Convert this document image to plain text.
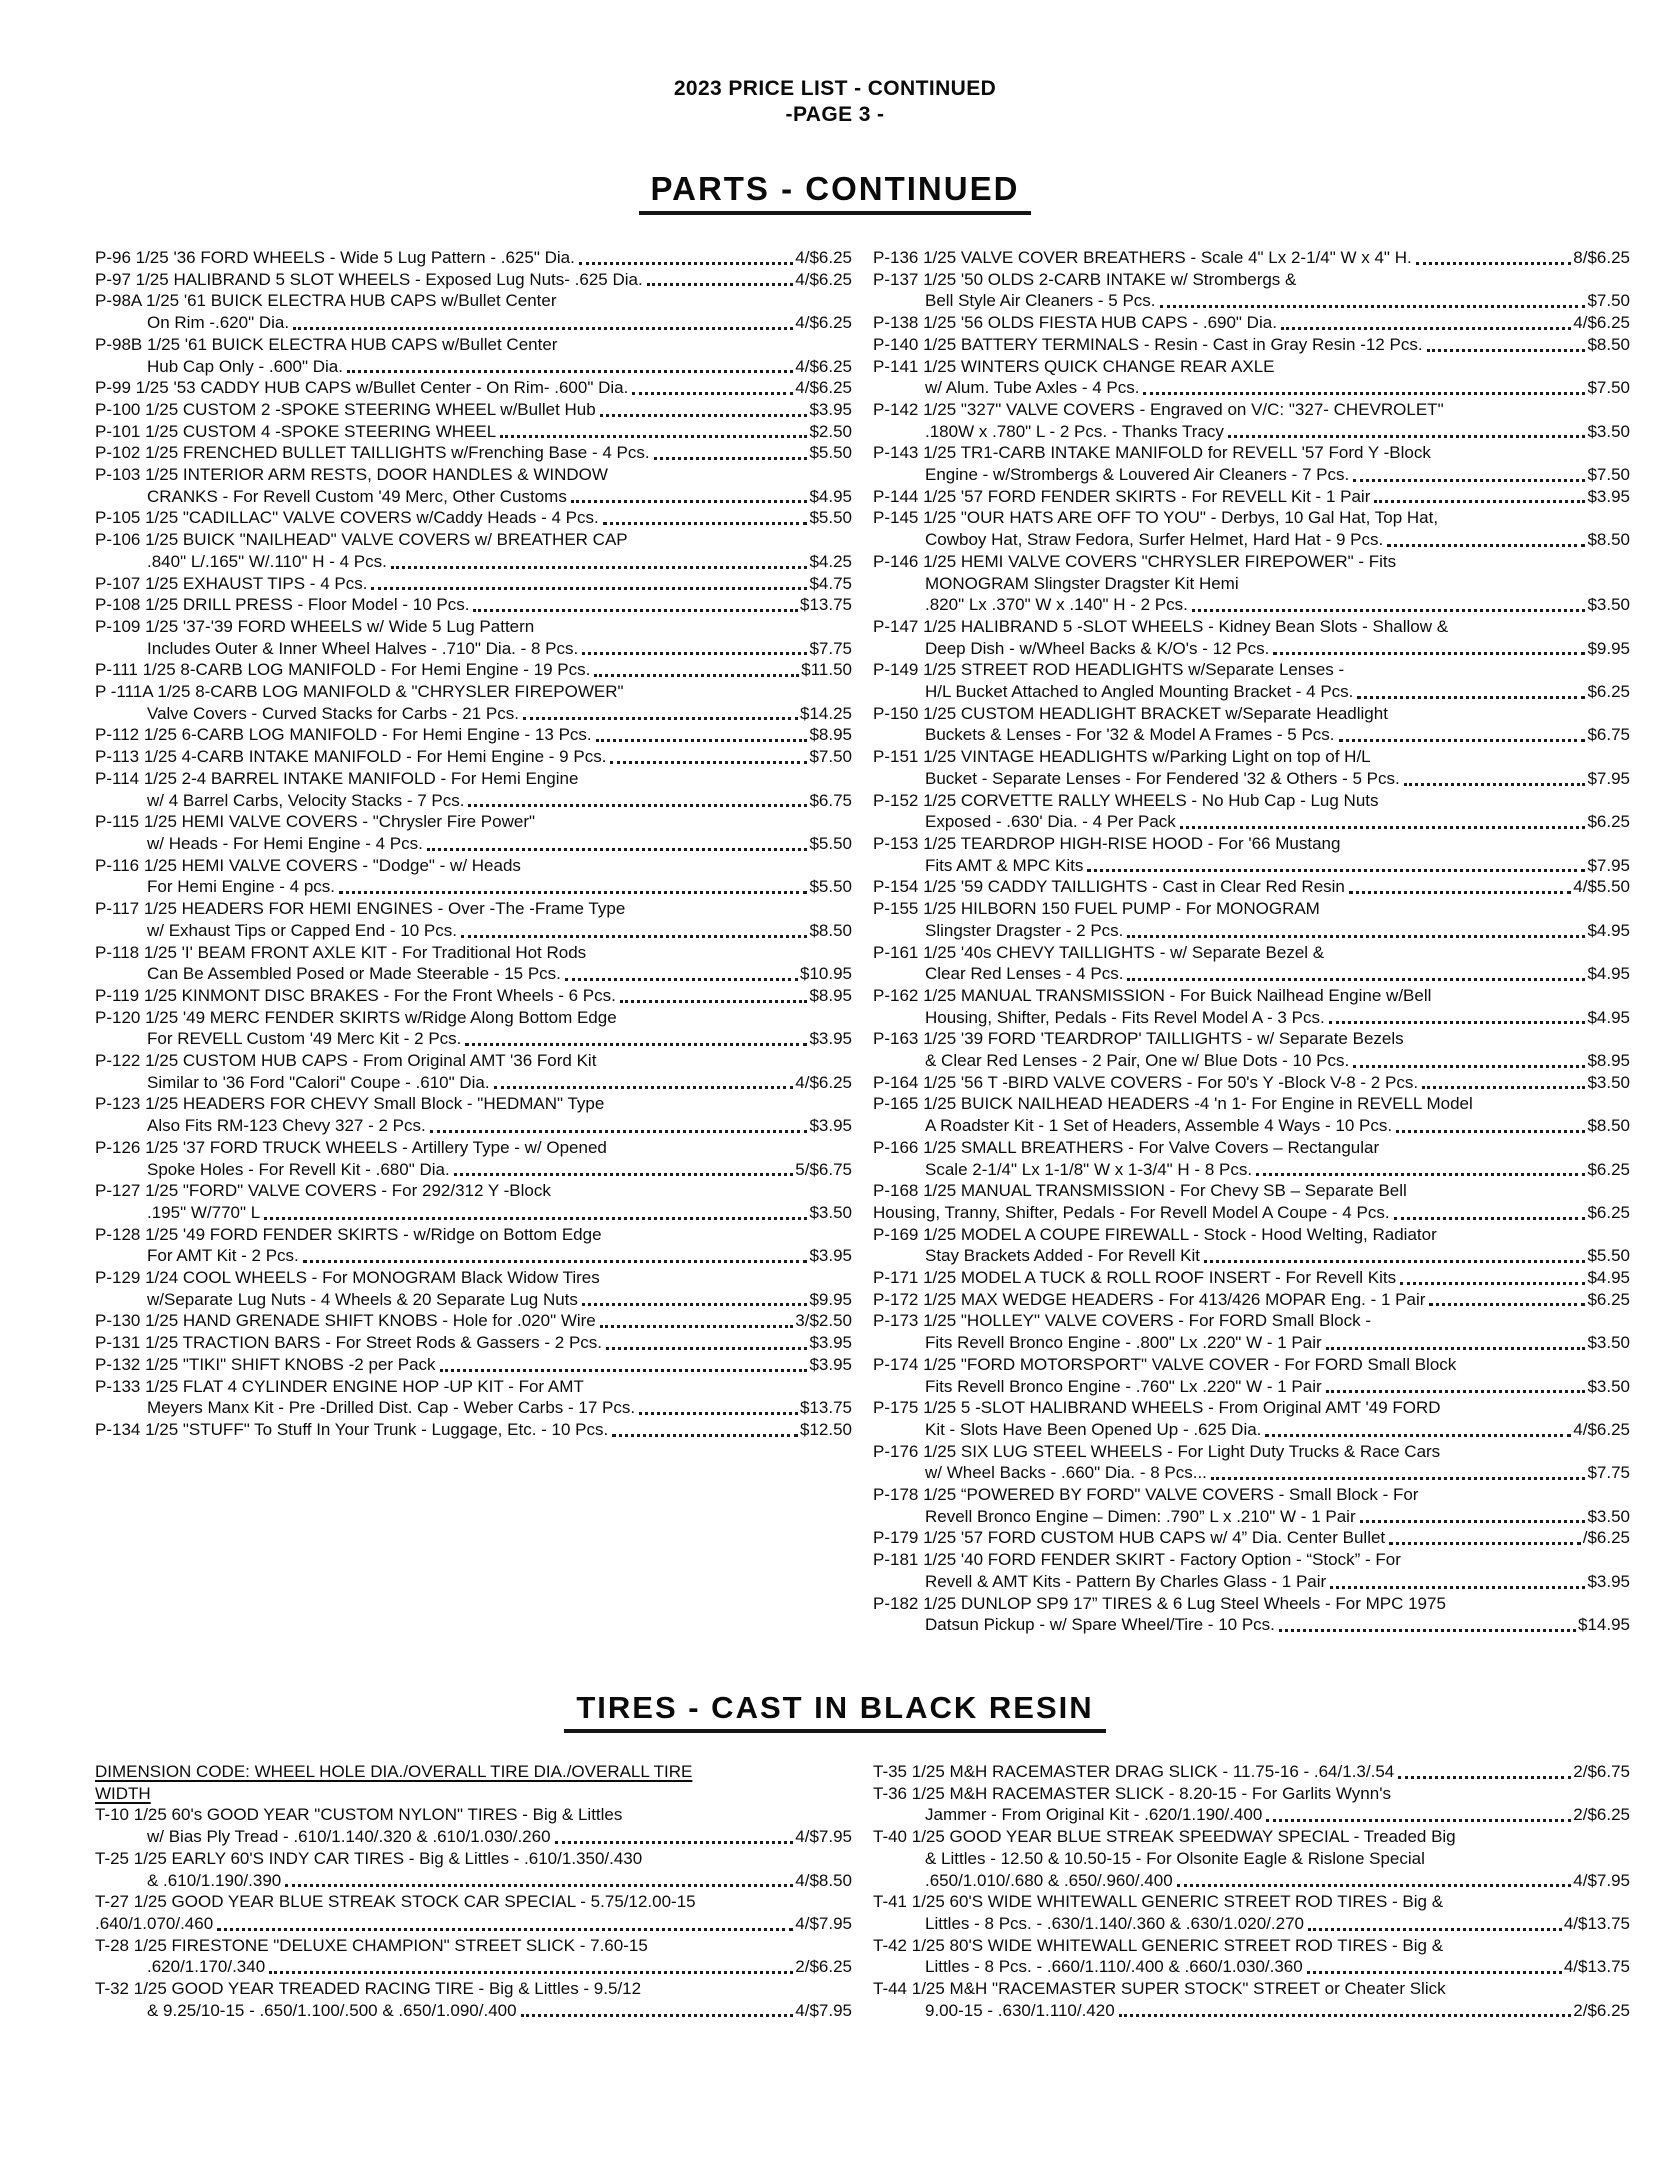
2023 PRICE LIST - CONTINUED
-PAGE 3 -
PARTS - CONTINUED
P-96 1/25 '36 FORD WHEELS - Wide 5 Lug Pattern - .625" Dia.	4/$6.25
P-97 1/25 HALIBRAND 5 SLOT WHEELS - Exposed Lug Nuts- .625 Dia.	4/$6.25
P-98A 1/25 '61 BUICK ELECTRA HUB CAPS w/Bullet Center
On Rim -.620" Dia.	4/$6.25
P-98B 1/25 '61 BUICK ELECTRA HUB CAPS w/Bullet Center
Hub Cap Only - .600" Dia.	4/$6.25
P-99 1/25 '53 CADDY HUB CAPS w/Bullet Center - On Rim- .600" Dia.	4/$6.25
P-100 1/25 CUSTOM 2 -SPOKE STEERING WHEEL w/Bullet Hub	$3.95
P-101 1/25 CUSTOM 4 -SPOKE STEERING WHEEL	$2.50
P-102 1/25 FRENCHED BULLET TAILLIGHTS w/Frenching Base - 4 Pcs.	$5.50
P-103 1/25 INTERIOR ARM RESTS, DOOR HANDLES & WINDOW
CRANKS - For Revell Custom '49 Merc, Other Customs	$4.95
P-105 1/25 "CADILLAC" VALVE COVERS w/Caddy Heads - 4 Pcs.	$5.50
P-106 1/25 BUICK "NAILHEAD" VALVE COVERS w/ BREATHER CAP
.840" L/.165" W/.110" H - 4 Pcs.	$4.25
P-107 1/25 EXHAUST TIPS - 4 Pcs.	$4.75
P-108 1/25 DRILL PRESS - Floor Model - 10 Pcs.	$13.75
P-109 1/25 '37-'39 FORD WHEELS w/ Wide 5 Lug Pattern
Includes Outer & Inner Wheel Halves - .710" Dia. - 8 Pcs.	$7.75
P-111 1/25 8-CARB LOG MANIFOLD - For Hemi Engine - 19 Pcs.	$11.50
P -111A 1/25 8-CARB LOG MANIFOLD & "CHRYSLER FIREPOWER"
Valve Covers - Curved Stacks for Carbs - 21 Pcs.	$14.25
P-112 1/25 6-CARB LOG MANIFOLD - For Hemi Engine - 13 Pcs.	$8.95
P-113 1/25 4-CARB INTAKE MANIFOLD - For Hemi Engine - 9 Pcs.	$7.50
P-114 1/25 2-4 BARREL INTAKE MANIFOLD - For Hemi Engine
w/ 4 Barrel Carbs, Velocity Stacks - 7 Pcs.	$6.75
P-115 1/25 HEMI VALVE COVERS - "Chrysler Fire Power"
w/ Heads - For Hemi Engine - 4 Pcs.	$5.50
P-116 1/25 HEMI VALVE COVERS - "Dodge" - w/ Heads
For Hemi Engine - 4 pcs.	$5.50
P-117 1/25 HEADERS FOR HEMI ENGINES - Over -The -Frame Type
w/ Exhaust Tips or Capped End - 10 Pcs.	$8.50
P-118 1/25 'I' BEAM FRONT AXLE KIT - For Traditional Hot Rods
Can Be Assembled Posed or Made Steerable - 15 Pcs.	$10.95
P-119 1/25 KINMONT DISC BRAKES - For the Front Wheels - 6 Pcs.	$8.95
P-120 1/25 '49 MERC FENDER SKIRTS w/Ridge Along Bottom Edge
For REVELL Custom '49 Merc Kit - 2 Pcs.	$3.95
P-122 1/25 CUSTOM HUB CAPS - From Original AMT '36 Ford Kit
Similar to '36 Ford "Calori" Coupe - .610" Dia.	4/$6.25
P-123 1/25 HEADERS FOR CHEVY Small Block - "HEDMAN" Type
Also Fits RM-123 Chevy 327 - 2 Pcs.	$3.95
P-126 1/25 '37 FORD TRUCK WHEELS - Artillery Type - w/ Opened
Spoke Holes - For Revell Kit - .680" Dia.	5/$6.75
P-127 1/25 "FORD" VALVE COVERS - For 292/312 Y -Block
.195" W/770" L	$3.50
P-128 1/25 '49 FORD FENDER SKIRTS - w/Ridge on Bottom Edge
For AMT Kit - 2 Pcs.	$3.95
P-129 1/24 COOL WHEELS - For MONOGRAM Black Widow Tires
w/Separate Lug Nuts - 4 Wheels & 20 Separate Lug Nuts	$9.95
P-130 1/25 HAND GRENADE SHIFT KNOBS - Hole for .020" Wire	3/$2.50
P-131 1/25 TRACTION BARS - For Street Rods & Gassers - 2 Pcs.	$3.95
P-132 1/25 "TIKI" SHIFT KNOBS -2 per Pack	$3.95
P-133 1/25 FLAT 4 CYLINDER ENGINE HOP -UP KIT - For AMT
Meyers Manx Kit - Pre -Drilled Dist. Cap - Weber Carbs - 17 Pcs.	$13.75
P-134 1/25 "STUFF" To Stuff In Your Trunk - Luggage, Etc. - 10 Pcs.	$12.50
P-136 1/25 VALVE COVER BREATHERS - Scale 4" Lx 2-1/4" W x 4" H.	8/$6.25
P-137 1/25 '50 OLDS 2-CARB INTAKE w/ Strombergs &
Bell Style Air Cleaners - 5 Pcs.	$7.50
P-138 1/25 '56 OLDS FIESTA HUB CAPS - .690" Dia.	4/$6.25
P-140 1/25 BATTERY TERMINALS - Resin - Cast in Gray Resin -12 Pcs.	$8.50
P-141 1/25 WINTERS QUICK CHANGE REAR AXLE
w/ Alum. Tube Axles - 4 Pcs.	$7.50
P-142 1/25 "327" VALVE COVERS - Engraved on V/C: "327- CHEVROLET"
.180W x .780" L - 2 Pcs. - Thanks Tracy	$3.50
P-143 1/25 TR1-CARB INTAKE MANIFOLD for REVELL '57 Ford Y -Block
Engine - w/Strombergs & Louvered Air Cleaners - 7 Pcs.	$7.50
P-144 1/25 '57 FORD FENDER SKIRTS - For REVELL Kit - 1 Pair	$3.95
P-145 1/25 "OUR HATS ARE OFF TO YOU" - Derbys, 10 Gal Hat, Top Hat,
Cowboy Hat, Straw Fedora, Surfer Helmet, Hard Hat - 9 Pcs.	$8.50
P-146 1/25 HEMI VALVE COVERS "CHRYSLER FIREPOWER" - Fits
MONOGRAM Slingster Dragster Kit Hemi
.820" Lx .370" W x .140" H - 2 Pcs.	$3.50
P-147 1/25 HALIBRAND 5 -SLOT WHEELS - Kidney Bean Slots - Shallow &
Deep Dish - w/Wheel Backs & K/O's - 12 Pcs.	$9.95
P-149 1/25 STREET ROD HEADLIGHTS w/Separate Lenses -
H/L Bucket Attached to Angled Mounting Bracket - 4 Pcs.	$6.25
P-150 1/25 CUSTOM HEADLIGHT BRACKET w/Separate Headlight
Buckets & Lenses - For '32 & Model A Frames - 5 Pcs.	$6.75
P-151 1/25 VINTAGE HEADLIGHTS w/Parking Light on top of H/L
Bucket - Separate Lenses - For Fendered '32 & Others - 5 Pcs.	$7.95
P-152 1/25 CORVETTE RALLY WHEELS - No Hub Cap - Lug Nuts
Exposed - .630' Dia. - 4 Per Pack	$6.25
P-153 1/25 TEARDROP HIGH-RISE HOOD - For '66 Mustang
Fits AMT & MPC Kits	$7.95
P-154 1/25 '59 CADDY TAILLIGHTS - Cast in Clear Red Resin	4/$5.50
P-155 1/25 HILBORN 150 FUEL PUMP - For MONOGRAM
Slingster Dragster - 2 Pcs.	$4.95
P-161 1/25 '40s CHEVY TAILLIGHTS - w/ Separate Bezel &
Clear Red Lenses - 4 Pcs.	$4.95
P-162 1/25 MANUAL TRANSMISSION - For Buick Nailhead Engine w/Bell
Housing, Shifter, Pedals - Fits Revel Model A - 3 Pcs.	$4.95
P-163 1/25 '39 FORD 'TEARDROP' TAILLIGHTS - w/ Separate Bezels
& Clear Red Lenses - 2 Pair, One w/ Blue Dots - 10 Pcs.	$8.95
P-164 1/25 '56 T -BIRD VALVE COVERS - For 50's Y -Block V-8 - 2 Pcs.	$3.50
P-165 1/25 BUICK NAILHEAD HEADERS -4 'n 1- For Engine in REVELL Model
A Roadster Kit - 1 Set of Headers, Assemble 4 Ways - 10 Pcs.	$8.50
P-166 1/25 SMALL BREATHERS - For Valve Covers – Rectangular
Scale 2-1/4" Lx 1-1/8" W x 1-3/4" H - 8 Pcs.	$6.25
P-168 1/25 MANUAL TRANSMISSION - For Chevy SB – Separate Bell
Housing, Tranny, Shifter, Pedals - For Revell Model A Coupe - 4 Pcs.	$6.25
P-169 1/25 MODEL A COUPE FIREWALL - Stock - Hood Welting, Radiator
Stay Brackets Added - For Revell Kit	$5.50
P-171 1/25 MODEL A TUCK & ROLL ROOF INSERT - For Revell Kits	$4.95
P-172 1/25 MAX WEDGE HEADERS - For 413/426 MOPAR Eng. - 1 Pair	$6.25
P-173 1/25 "HOLLEY" VALVE COVERS - For FORD Small Block -
Fits Revell Bronco Engine - .800" Lx .220" W - 1 Pair	$3.50
P-174 1/25 "FORD MOTORSPORT" VALVE COVER - For FORD Small Block
Fits Revell Bronco Engine - .760" Lx .220" W - 1 Pair	$3.50
P-175 1/25 5 -SLOT HALIBRAND WHEELS - From Original AMT '49 FORD
Kit - Slots Have Been Opened Up - .625 Dia.	4/$6.25
P-176 1/25 SIX LUG STEEL WHEELS - For Light Duty Trucks & Race Cars
w/ Wheel Backs - .660" Dia. - 8 Pcs...	$7.75
P-178 1/25 “POWERED BY FORD" VALVE COVERS - Small Block - For
Revell Bronco Engine – Dimen: .790” L x .210" W - 1 Pair	$3.50
P-179 1/25 '57 FORD CUSTOM HUB CAPS w/ 4” Dia. Center Bullet	/$6.25
P-181 1/25 '40 FORD FENDER SKIRT - Factory Option - “Stock” - For
Revell & AMT Kits - Pattern By Charles Glass - 1 Pair	$3.95
P-182 1/25 DUNLOP SP9 17” TIRES & 6 Lug Steel Wheels - For MPC 1975
Datsun Pickup - w/ Spare Wheel/Tire - 10 Pcs.	$14.95
TIRES - CAST IN BLACK RESIN
DIMENSION CODE: WHEEL HOLE DIA./OVERALL TIRE DIA./OVERALL TIRE
WIDTH
T-10 1/25 60's GOOD YEAR "CUSTOM NYLON" TIRES - Big & Littles
w/ Bias Ply Tread - .610/1.140/.320 & .610/1.030/.260	4/$7.95
T-25 1/25 EARLY 60'S INDY CAR TIRES - Big & Littles - .610/1.350/.430
& .610/1.190/.390	4/$8.50
T-27 1/25 GOOD YEAR BLUE STREAK STOCK CAR SPECIAL - 5.75/12.00-15
.640/1.070/.460	4/$7.95
T-28 1/25 FIRESTONE "DELUXE CHAMPION" STREET SLICK - 7.60-15
.620/1.170/.340	2/$6.25
T-32 1/25 GOOD YEAR TREADED RACING TIRE - Big & Littles - 9.5/12
& 9.25/10-15 - .650/1.100/.500 & .650/1.090/.400	4/$7.95
T-35 1/25 M&H RACEMASTER DRAG SLICK - 11.75-16 - .64/1.3/.54	2/$6.75
T-36 1/25 M&H RACEMASTER SLICK - 8.20-15 - For Garlits Wynn's
Jammer - From Original Kit - .620/1.190/.400	2/$6.25
T-40 1/25 GOOD YEAR BLUE STREAK SPEEDWAY SPECIAL - Treaded Big
& Littles - 12.50 & 10.50-15 - For Olsonite Eagle & Rislone Special
.650/1.010/.680 & .650/.960/.400	4/$7.95
T-41 1/25 60'S WIDE WHITEWALL GENERIC STREET ROD TIRES - Big &
Littles - 8 Pcs. - .630/1.140/.360 & .630/1.020/.270	4/$13.75
T-42 1/25 80'S WIDE WHITEWALL GENERIC STREET ROD TIRES - Big &
Littles - 8 Pcs. - .660/1.110/.400 & .660/1.030/.360	4/$13.75
T-44 1/25 M&H "RACEMASTER SUPER STOCK" STREET or Cheater Slick
9.00-15 - .630/1.110/.420	2/$6.25
